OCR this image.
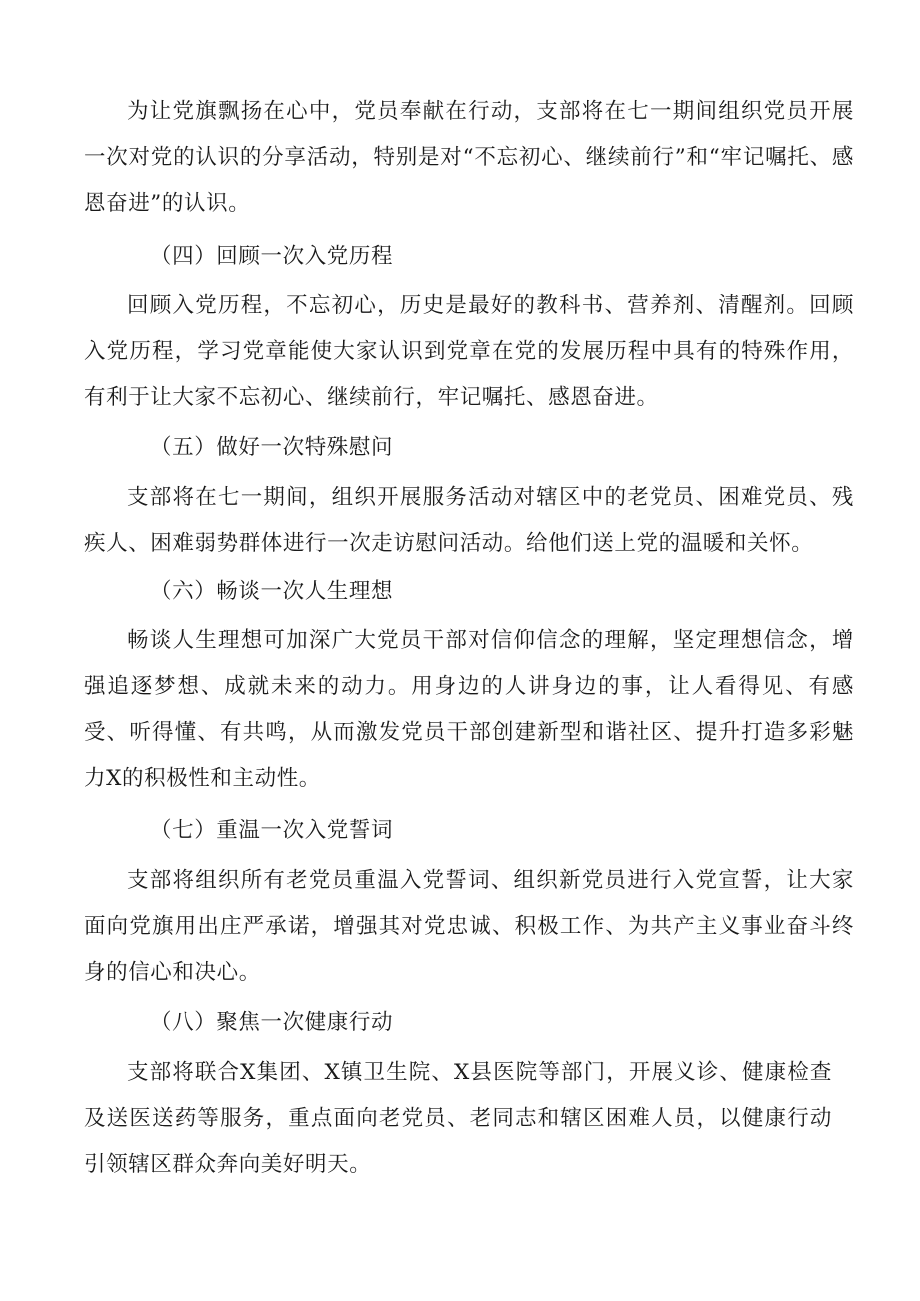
为让党旗飘扬在心中，党员奉献在行动，支部将在七一期间组织党员开展一次对党的认识的分享活动，特别是对“不忘初心、继续前行”和“牢记嘱托、感恩奋进”的认识。

（四）回顾一次入党历程

回顾入党历程，不忘初心，历史是最好的教科书、营养剂、清醒剂。回顾入党历程，学习党章能使大家认识到党章在党的发展历程中具有的特殊作用，有利于让大家不忘初心、继续前行，牢记嘱托、感恩奋进。

（五）做好一次特殊慰问

支部将在七一期间，组织开展服务活动对辖区中的老党员、困难党员、残疾人、困难弱势群体进行一次走访慰问活动。给他们送上党的温暖和关怀。

（六）畅谈一次人生理想

畅谈人生理想可加深广大党员干部对信仰信念的理解，坚定理想信念，增强追逐梦想、成就未来的动力。用身边的人讲身边的事，让人看得见、有感受、听得懂、有共鸣，从而激发党员干部创建新型和谐社区、提升打造多彩魅力X的积极性和主动性。

（七）重温一次入党誓词

支部将组织所有老党员重温入党誓词、组织新党员进行入党宣誓，让大家面向党旗用出庄严承诺，增强其对党忠诚、积极工作、为共产主义事业奋斗终身的信心和决心。

（八）聚焦一次健康行动

支部将联合X集团、X镇卫生院、X县医院等部门，开展义诊、健康检查及送医送药等服务，重点面向老党员、老同志和辖区困难人员，以健康行动引领辖区群众奔向美好明天。
